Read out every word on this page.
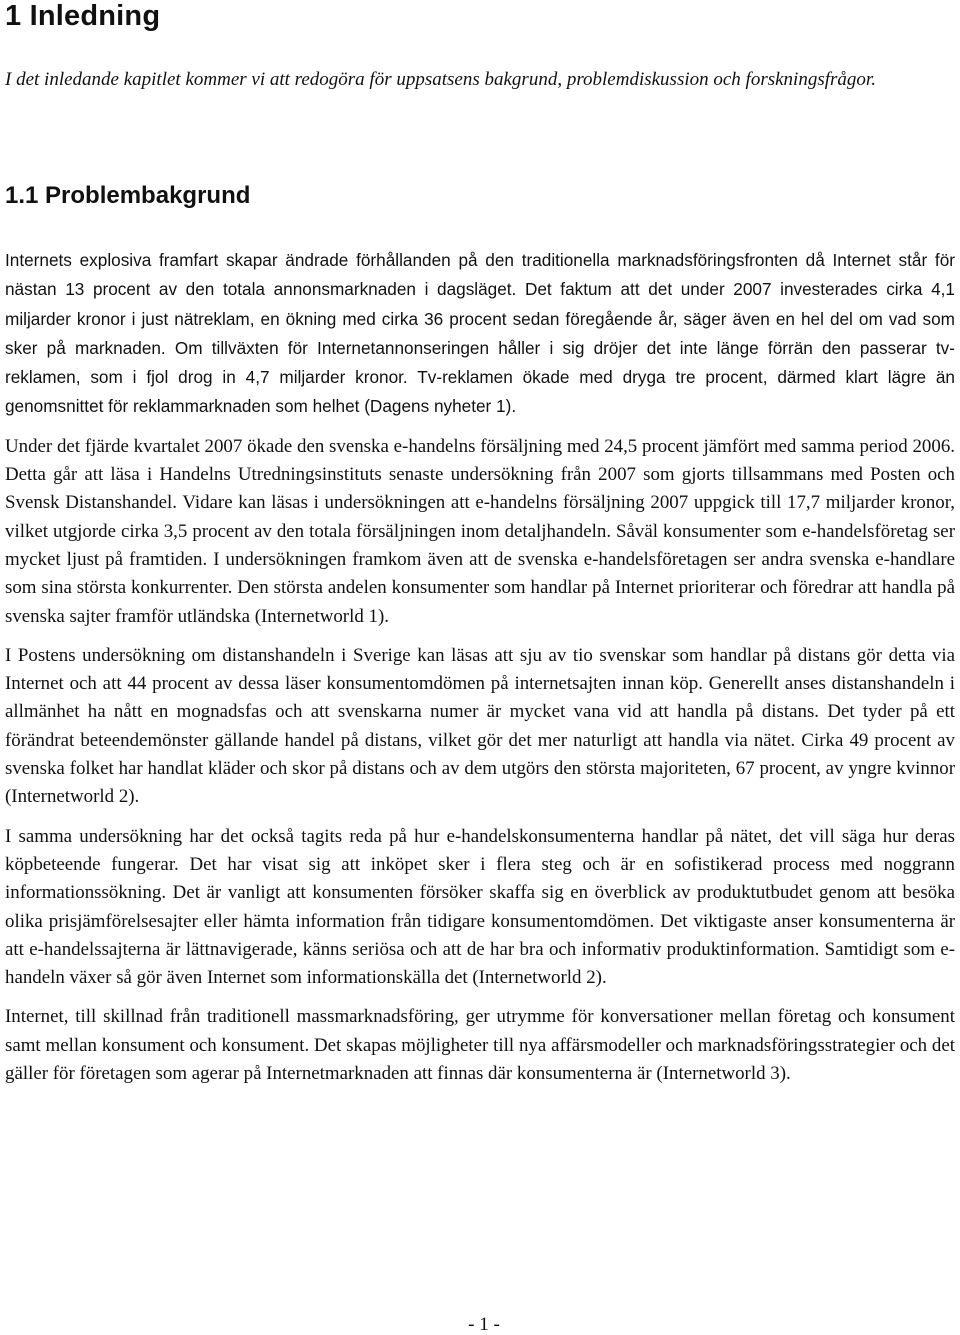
1 Inledning
I det inledande kapitlet kommer vi att redogöra för uppsatsens bakgrund, problemdiskussion och forskningsfrågor.
1.1 Problembakgrund
Internets explosiva framfart skapar ändrade förhållanden på den traditionella marknadsföringsfronten då Internet står för nästan 13 procent av den totala annonsmarknaden i dagsläget. Det faktum att det under 2007 investerades cirka 4,1 miljarder kronor i just nätreklam, en ökning med cirka 36 procent sedan föregående år, säger även en hel del om vad som sker på marknaden. Om tillväxten för Internetannonseringen håller i sig dröjer det inte länge förrän den passerar tv-reklamen, som i fjol drog in 4,7 miljarder kronor. Tv-reklamen ökade med dryga tre procent, därmed klart lägre än genomsnittet för reklammarknaden som helhet (Dagens nyheter 1).
Under det fjärde kvartalet 2007 ökade den svenska e-handelns försäljning med 24,5 procent jämfört med samma period 2006. Detta går att läsa i Handelns Utredningsinstituts senaste undersökning från 2007 som gjorts tillsammans med Posten och Svensk Distanshandel. Vidare kan läsas i undersökningen att e-handelns försäljning 2007 uppgick till 17,7 miljarder kronor, vilket utgjorde cirka 3,5 procent av den totala försäljningen inom detaljhandeln. Såväl konsumenter som e-handelsföretag ser mycket ljust på framtiden. I undersökningen framkom även att de svenska e-handelsföretagen ser andra svenska e-handlare som sina största konkurrenter. Den största andelen konsumenter som handlar på Internet prioriterar och föredrar att handla på svenska sajter framför utländska (Internetworld 1).
I Postens undersökning om distanshandeln i Sverige kan läsas att sju av tio svenskar som handlar på distans gör detta via Internet och att 44 procent av dessa läser konsumentomdömen på internetsajten innan köp. Generellt anses distanshandeln i allmänhet ha nått en mognadsfas och att svenskarna numer är mycket vana vid att handla på distans. Det tyder på ett förändrat beteendemönster gällande handel på distans, vilket gör det mer naturligt att handla via nätet. Cirka 49 procent av svenska folket har handlat kläder och skor på distans och av dem utgörs den största majoriteten, 67 procent, av yngre kvinnor (Internetworld 2).
I samma undersökning har det också tagits reda på hur e-handelskonsumenterna handlar på nätet, det vill säga hur deras köpbeteende fungerar. Det har visat sig att inköpet sker i flera steg och är en sofistikerad process med noggrann informationssökning. Det är vanligt att konsumenten försöker skaffa sig en överblick av produktutbudet genom att besöka olika prisjämförelsesajter eller hämta information från tidigare konsumentomdömen. Det viktigaste anser konsumenterna är att e-handelssajterna är lättnavigerade, känns seriösa och att de har bra och informativ produktinformation. Samtidigt som e-handeln växer så gör även Internet som informationskälla det (Internetworld 2).
Internet, till skillnad från traditionell massmarknadsföring, ger utrymme för konversationer mellan företag och konsument samt mellan konsument och konsument. Det skapas möjligheter till nya affärsmodeller och marknadsföringsstrategier och det gäller för företagen som agerar på Internetmarknaden att finnas där konsumenterna är (Internetworld 3).
- 1 -
